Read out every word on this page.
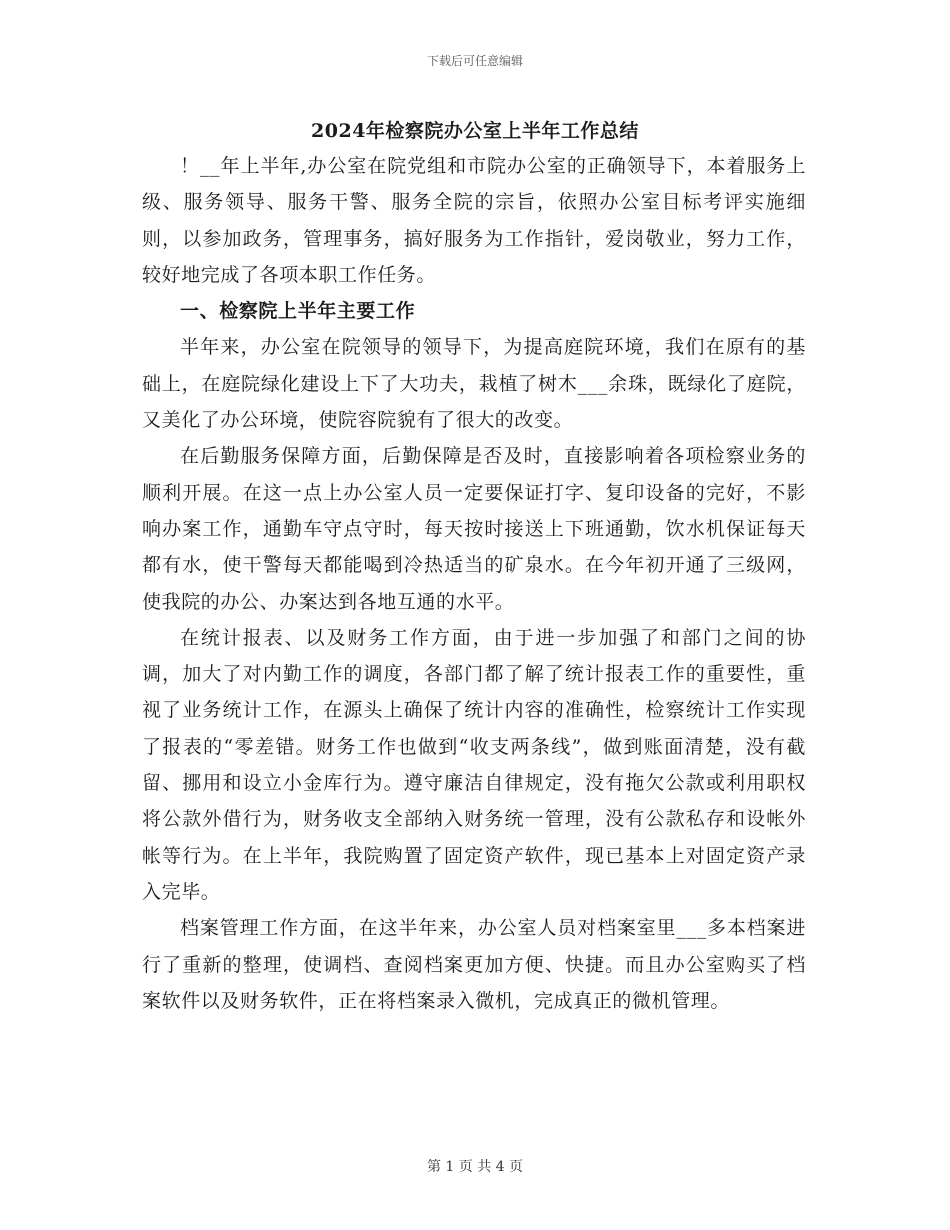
下载后可任意编辑
2024年检察院办公室上半年工作总结

！__年上半年,办公室在院党组和市院办公室的正确领导下，本着服务上级、服务领导、服务干警、服务全院的宗旨，依照办公室目标考评实施细则，以参加政务，管理事务，搞好服务为工作指针，爱岗敬业，努力工作，较好地完成了各项本职工作任务。

一、检察院上半年主要工作

半年来，办公室在院领导的领导下，为提高庭院环境，我们在原有的基础上，在庭院绿化建设上下了大功夫，栽植了树木___余珠，既绿化了庭院，又美化了办公环境，使院容院貌有了很大的改变。

在后勤服务保障方面，后勤保障是否及时，直接影响着各项检察业务的顺利开展。在这一点上办公室人员一定要保证打字、复印设备的完好，不影响办案工作，通勤车守点守时，每天按时接送上下班通勤，饮水机保证每天都有水，使干警每天都能喝到冷热适当的矿泉水。在今年初开通了三级网，使我院的办公、办案达到各地互通的水平。

在统计报表、以及财务工作方面，由于进一步加强了和部门之间的协调，加大了对内勤工作的调度，各部门都了解了统计报表工作的重要性，重视了业务统计工作，在源头上确保了统计内容的准确性，检察统计工作实现了报表的“零差错。财务工作也做到“收支两条线”，做到账面清楚，没有截留、挪用和设立小金库行为。遵守廉洁自律规定，没有拖欠公款或利用职权将公款外借行为，财务收支全部纳入财务统一管理，没有公款私存和设帐外帐等行为。在上半年，我院购置了固定资产软件，现已基本上对固定资产录入完毕。

档案管理工作方面，在这半年来，办公室人员对档案室里___多本档案进行了重新的整理，使调档、查阅档案更加方便、快捷。而且办公室购买了档案软件以及财务软件，正在将档案录入微机，完成真正的微机管理。

第 1 页 共 4 页
